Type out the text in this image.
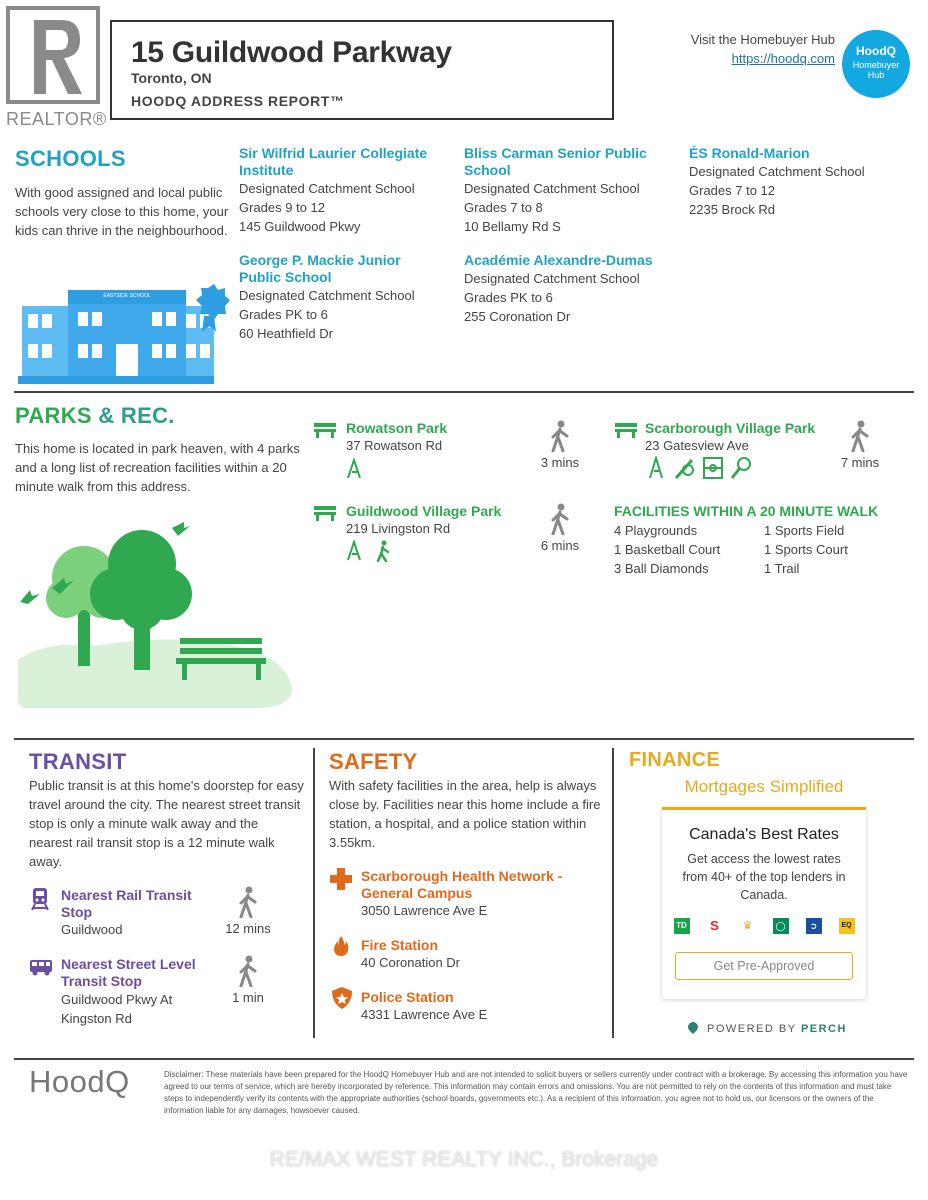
REALTOR®
15 Guildwood Parkway
Toronto, ON
HOODQ ADDRESS REPORT™
Visit the Homebuyer Hub
https://hoodq.com	HoodQ
Homebuyer
Hub
SCHOOLS
With good assigned and local public schools very close to this home, your kids can thrive in the neighbourhood.
EASTSIDE SCHOOL
Sir Wilfrid Laurier Collegiate Institute
Designated Catchment School
Grades 9 to 12
145 Guildwood Pkwy
Bliss Carman Senior Public School
Designated Catchment School
Grades 7 to 8
10 Bellamy Rd S
ÉS Ronald-Marion
Designated Catchment School
Grades 7 to 12
2235 Brock Rd
George P. Mackie Junior Public School
Designated Catchment School
Grades PK to 6
60 Heathfield Dr
Académie Alexandre-Dumas
Designated Catchment School
Grades PK to 6
255 Coronation Dr
PARKS & REC.
This home is located in park heaven, with 4 parks and a long list of recreation facilities within a 20 minute walk from this address.
Rowatson Park
37 Rowatson Rd
3 mins
Scarborough Village Park
23 Gatesview Ave
7 mins
Guildwood Village Park
219 Livingston Rd
6 mins
FACILITIES WITHIN A 20 MINUTE WALK
4 Playgrounds
1 Basketball Court
3 Ball Diamonds
1 Sports Field
1 Sports Court
1 Trail
TRANSIT
Public transit is at this home's doorstep for easy travel around the city. The nearest street transit stop is only a minute walk away and the nearest rail transit stop is a 12 minute walk away.
Nearest Rail Transit Stop
Guildwood	12 mins
Nearest Street Level Transit Stop
Guildwood Pkwy At Kingston Rd
1 min
SAFETY
With safety facilities in the area, help is always close by. Facilities near this home include a fire station, a hospital, and a police station within 3.55km.
Scarborough Health Network - General Campus
3050 Lawrence Ave E
Fire Station
40 Coronation Dr
Police Station
4331 Lawrence Ave E
FINANCE
Mortgages Simplified
Canada's Best Rates
Get access the lowest rates from 40+ of the top lenders in Canada.
TD S	♛	◯	➲	EQ
Get Pre-Approved
POWERED BY PERCH
HoodQ	Disclaimer: These materials have been prepared for the HoodQ Homebuyer Hub and are not intended to solicit buyers or sellers currently under contract with a brokerage. By accessing this information you have agreed to our terms of service, which are hereby incorporated by reference. This information may contain errors and omissions. You are not permitted to rely on the contents of this information and must take steps to independently verify its contents with the appropriate authorities (school boards, governments etc.). As a recipient of this information, you agree not to hold us, our licensors or the owners of the information liable for any damages, howsoever caused.
RE/MAX WEST REALTY INC., Brokerage
